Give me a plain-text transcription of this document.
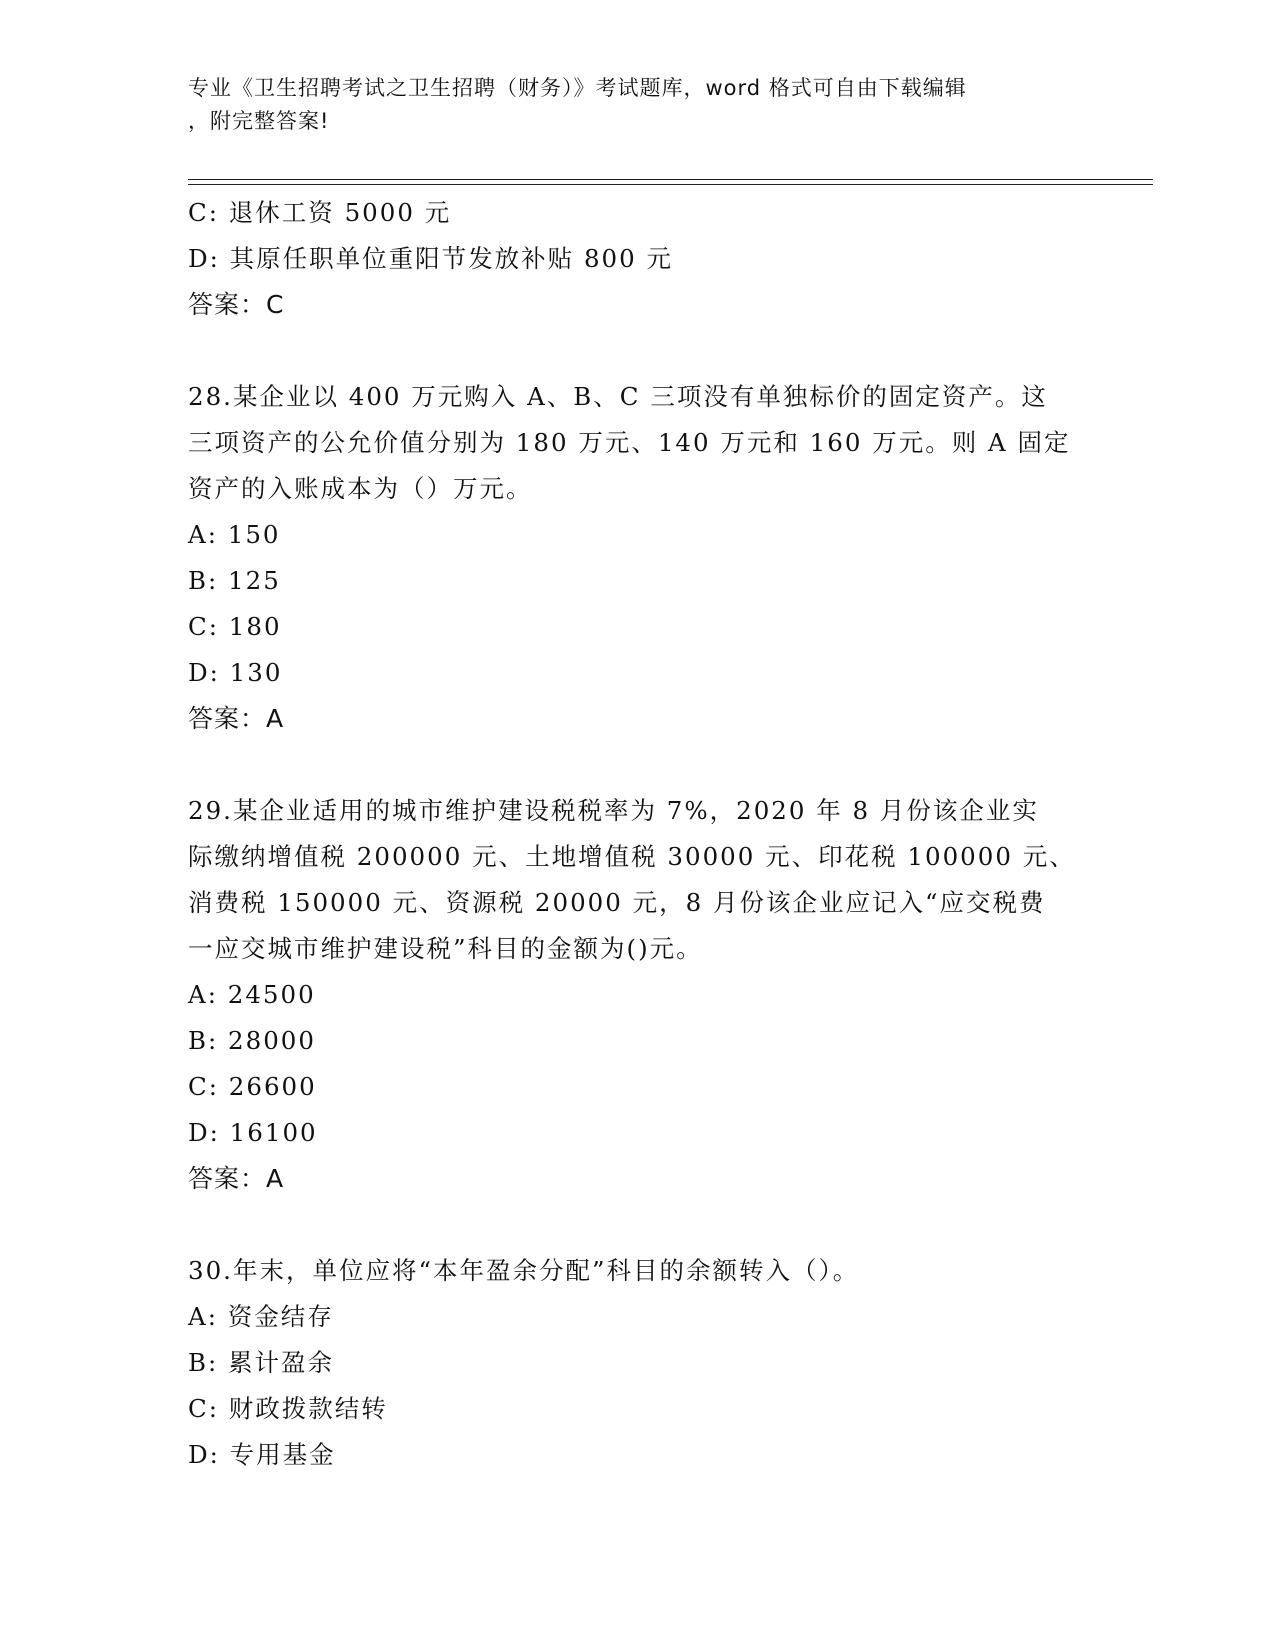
专业《卫生招聘考试之卫生招聘（财务）》考试题库，word 格式可自由下载编辑
，附完整答案!
C: 退休工资 5000 元
D: 其原任职单位重阳节发放补贴 800 元
答案：C
28.某企业以 400 万元购入 A、B、C 三项没有单独标价的固定资产。这
三项资产的公允价值分别为 180 万元、140 万元和 160 万元。则 A 固定
资产的入账成本为（）万元。
A: 150
B: 125
C: 180
D: 130
答案：A
29.某企业适用的城市维护建设税税率为 7%，2020 年 8 月份该企业实
际缴纳增值税 200000 元、土地增值税 30000 元、印花税 100000 元、
消费税 150000 元、资源税 20000 元，8 月份该企业应记入“应交税费
一应交城市维护建设税”科目的金额为()元。
A: 24500
B: 28000
C: 26600
D: 16100
答案：A
30.年末，单位应将“本年盈余分配”科目的余额转入（）。
A: 资金结存
B: 累计盈余
C: 财政拨款结转
D: 专用基金
